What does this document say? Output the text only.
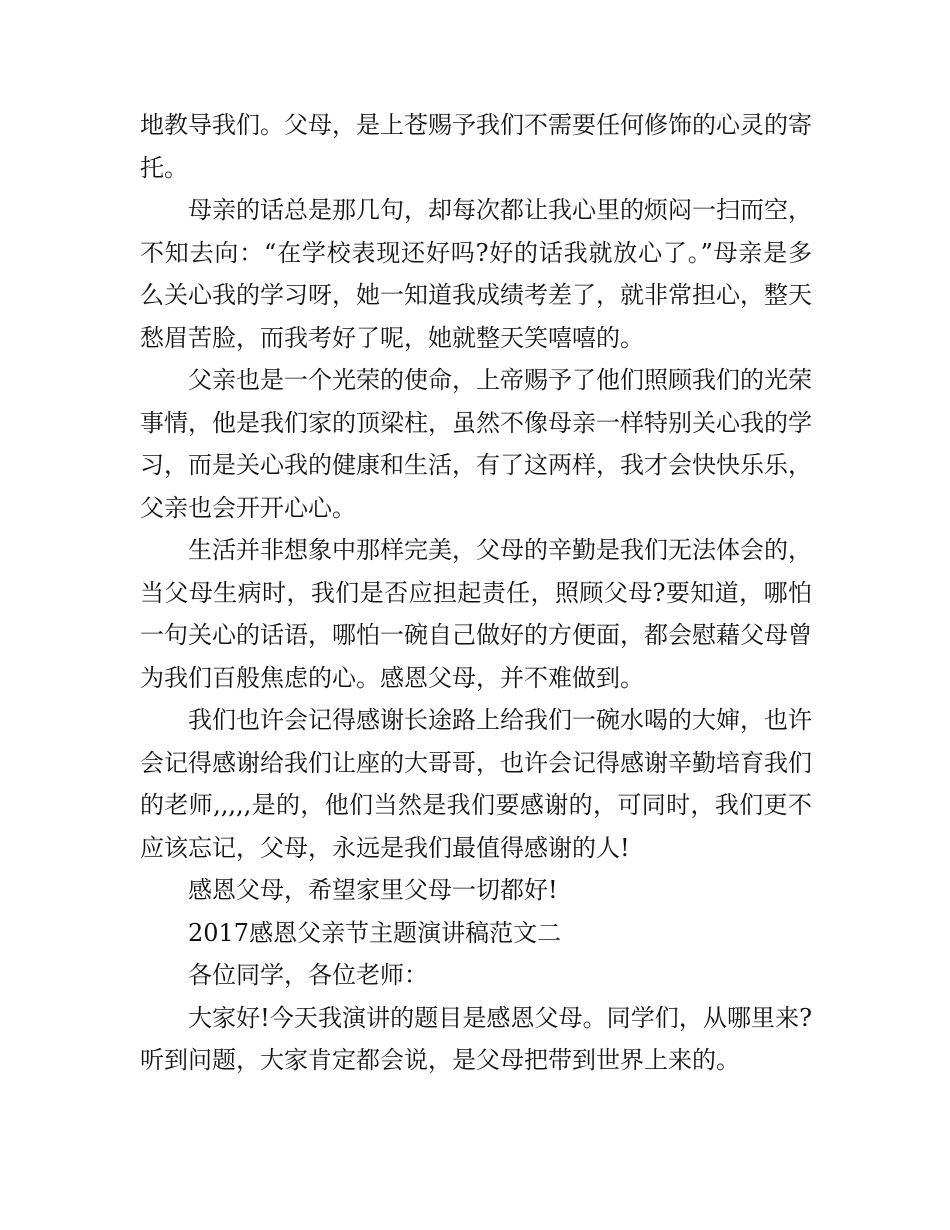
地教导我们。父母，是上苍赐予我们不需要任何修饰的心灵的寄托。

母亲的话总是那几句，却每次都让我心里的烦闷一扫而空，不知去向：“在学校表现还好吗?好的话我就放心了。”母亲是多么关心我的学习呀，她一知道我成绩考差了，就非常担心，整天愁眉苦脸，而我考好了呢，她就整天笑嘻嘻的。

父亲也是一个光荣的使命，上帝赐予了他们照顾我们的光荣事情，他是我们家的顶梁柱，虽然不像母亲一样特别关心我的学习，而是关心我的健康和生活，有了这两样，我才会快快乐乐，父亲也会开开心心。

生活并非想象中那样完美，父母的辛勤是我们无法体会的，当父母生病时，我们是否应担起责任，照顾父母?要知道，哪怕一句关心的话语，哪怕一碗自己做好的方便面，都会慰藉父母曾为我们百般焦虑的心。感恩父母，并不难做到。

我们也许会记得感谢长途路上给我们一碗水喝的大婶，也许会记得感谢给我们让座的大哥哥，也许会记得感谢辛勤培育我们的老师,,,,,是的，他们当然是我们要感谢的，可同时，我们更不应该忘记，父母，永远是我们最值得感谢的人!

感恩父母，希望家里父母一切都好!

2017感恩父亲节主题演讲稿范文二

各位同学，各位老师：

大家好!今天我演讲的题目是感恩父母。同学们，从哪里来?听到问题，大家肯定都会说，是父母把带到世界上来的。
